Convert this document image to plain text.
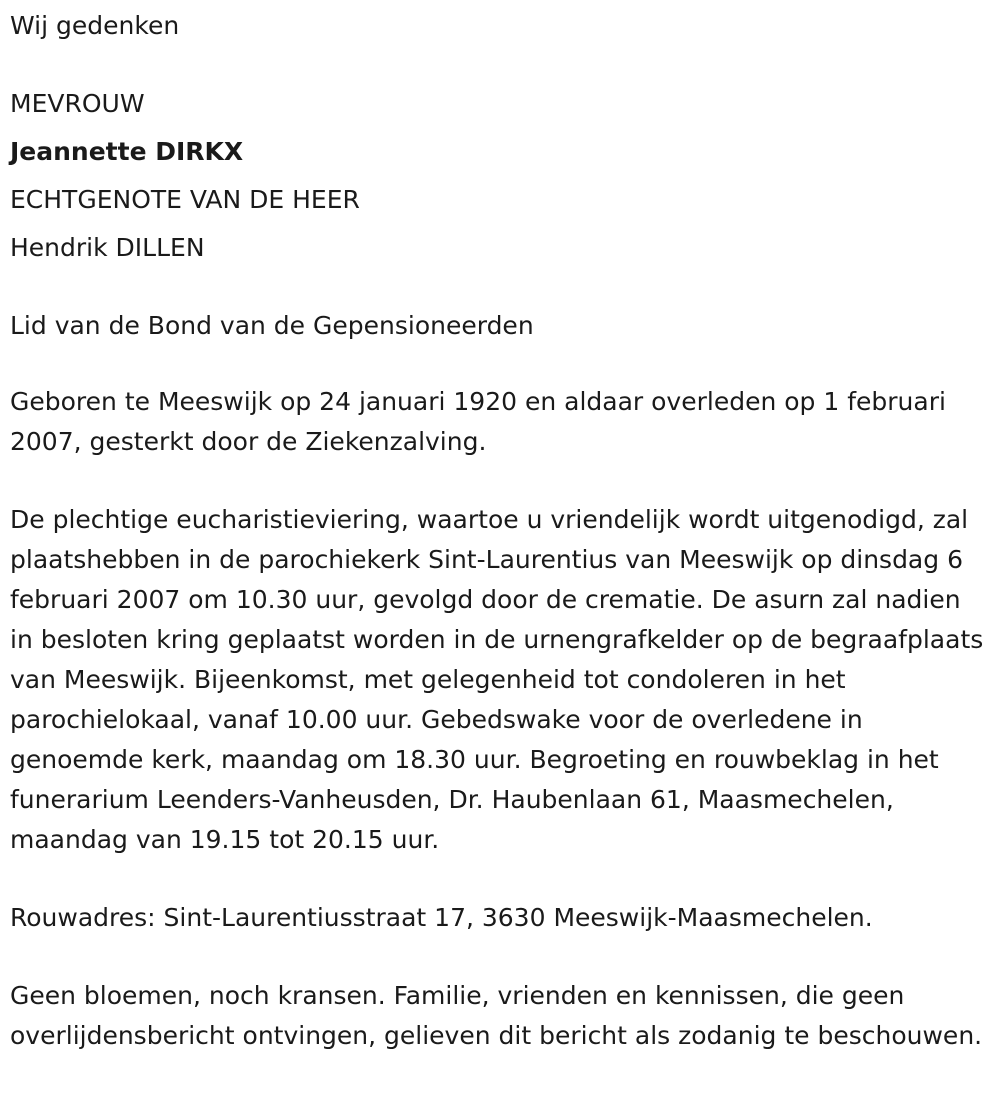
Wij gedenken

MEVROUW

Jeannette DIRKX

ECHTGENOTE VAN DE HEER

Hendrik DILLEN

Lid van de Bond van de Gepensioneerden

Geboren te Meeswijk op 24 januari 1920 en aldaar overleden op 1 februari 2007, gesterkt door de Ziekenzalving.

De plechtige eucharistieviering, waartoe u vriendelijk wordt uitgenodigd, zal plaatshebben in de parochiekerk Sint-Laurentius van Meeswijk op dinsdag 6 februari 2007 om 10.30 uur, gevolgd door de crematie. De asurn zal nadien in besloten kring geplaatst worden in de urnengrafkelder op de begraafplaats van Meeswijk. Bijeenkomst, met gelegenheid tot condoleren in het parochielokaal, vanaf 10.00 uur. Gebedswake voor de overledene in genoemde kerk, maandag om 18.30 uur. Begroeting en rouwbeklag in het funerarium Leenders-Vanheusden, Dr. Haubenlaan 61, Maasmechelen, maandag van 19.15 tot 20.15 uur.

Rouwadres: Sint-Laurentiusstraat 17, 3630 Meeswijk-Maasmechelen.

Geen bloemen, noch kransen. Familie, vrienden en kennissen, die geen overlijdensbericht ontvingen, gelieven dit bericht als zodanig te beschouwen.
